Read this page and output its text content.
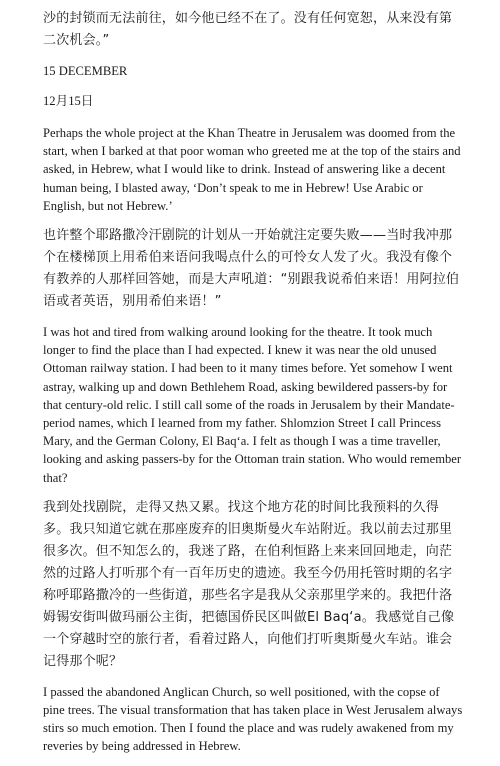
沙的封锁而无法前往，如今他已经不在了。没有任何宽恕，从来没有第二次机会。”

15 DECEMBER

12月15日

Perhaps the whole project at the Khan Theatre in Jerusalem was doomed from the start, when I barked at that poor woman who greeted me at the top of the stairs and asked, in Hebrew, what I would like to drink. Instead of answering like a decent human being, I blasted away, ‘Don’t speak to me in Hebrew! Use Arabic or English, but not Hebrew.’

也许整个耶路撒冷汗剧院的计划从一开始就注定要失败——当时我冲那个在楼梯顶上用希伯来语问我喝点什么的可怜女人发了火。我没有像个有教养的人那样回答她，而是大声吼道：“别跟我说希伯来语！用阿拉伯语或者英语，别用希伯来语！”

I was hot and tired from walking around looking for the theatre. It took much longer to find the place than I had expected. I knew it was near the old unused Ottoman railway station. I had been to it many times before. Yet somehow I went astray, walking up and down Bethlehem Road, asking bewildered passers-by for that century-old relic. I still call some of the roads in Jerusalem by their Mandate-period names, which I learned from my father. Shlomzion Street I call Princess Mary, and the German Colony, El Baq‘a. I felt as though I was a time traveller, looking and asking passers-by for the Ottoman train station. Who would remember that?

我到处找剧院，走得又热又累。找这个地方花的时间比我预料的久得多。我只知道它就在那座废弃的旧奥斯曼火车站附近。我以前去过那里很多次。但不知怎么的，我迷了路，在伯利恒路上来来回回地走，向茫然的过路人打听那个有一百年历史的遗迹。我至今仍用托管时期的名字称呼耶路撒冷的一些街道，那些名字是我从父亲那里学来的。我把什洛姆锡安街叫做玛丽公主街，把德国侨民区叫做El Baq‘a。我感觉自己像一个穿越时空的旅行者，看着过路人，向他们打听奥斯曼火车站。谁会记得那个呢？

I passed the abandoned Anglican Church, so well positioned, with the copse of pine trees. The visual transformation that has taken place in West Jerusalem always stirs so much emotion. Then I found the place and was rudely awakened from my reveries by being addressed in Hebrew.
